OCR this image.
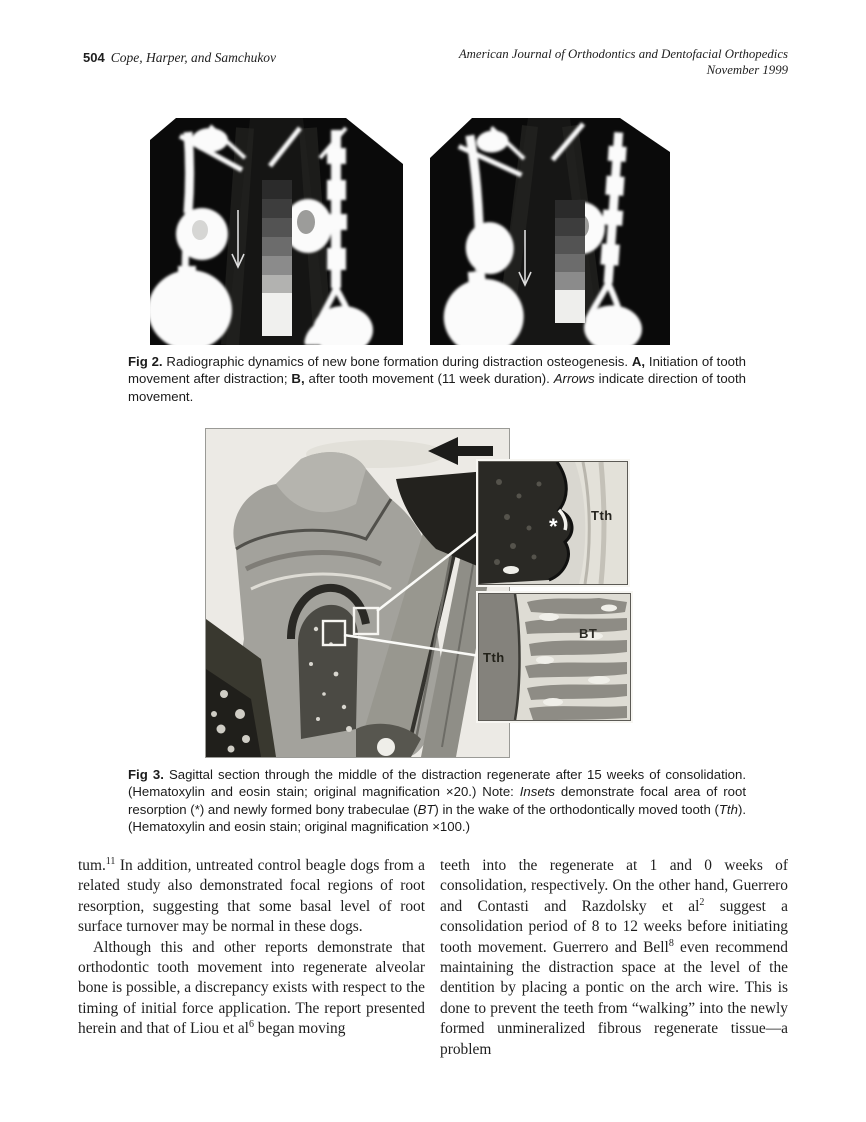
504 Cope, Harper, and Samchukov	American Journal of Orthodontics and Dentofacial Orthopedics
November 1999
Fig 2. Radiographic dynamics of new bone formation during distraction osteogenesis. A, Initiation of tooth movement after distraction; B, after tooth movement (11 week duration). Arrows indicate direction of tooth movement.
*	Tth
Tth
BT
Fig 3. Sagittal section through the middle of the distraction regenerate after 15 weeks of consolidation. (Hematoxylin and eosin stain; original magnification ×20.) Note: Insets demonstrate focal area of root resorption (*) and newly formed bony trabeculae (BT) in the wake of the orthodontically moved tooth (Tth). (Hematoxylin and eosin stain; original magnification ×100.)

tum.$^{11}$ In addition, untreated control beagle dogs from a related study also demonstrated focal regions of root resorption, suggesting that some basal level of root surface turnover may be normal in these dogs.

Although this and other reports demonstrate that orthodontic tooth movement into regenerate alveolar bone is possible, a discrepancy exists with respect to the timing of initial force application. The report presented herein and that of Liou et $al^6$ began moving

teeth into the regenerate at 1 and 0 weeks of consolidation, respectively. On the other hand, Guerrero and Contasti and Razdolsky et $al^2$ suggest a consolidation period of 8 to 12 weeks before initiating tooth movement. Guerrero and Bell$^8$ even recommend maintaining the distraction space at the level of the dentition by placing a pontic on the arch wire. This is done to prevent the teeth from “walking” into the newly formed unmineralized fibrous regenerate tissue—a problem
